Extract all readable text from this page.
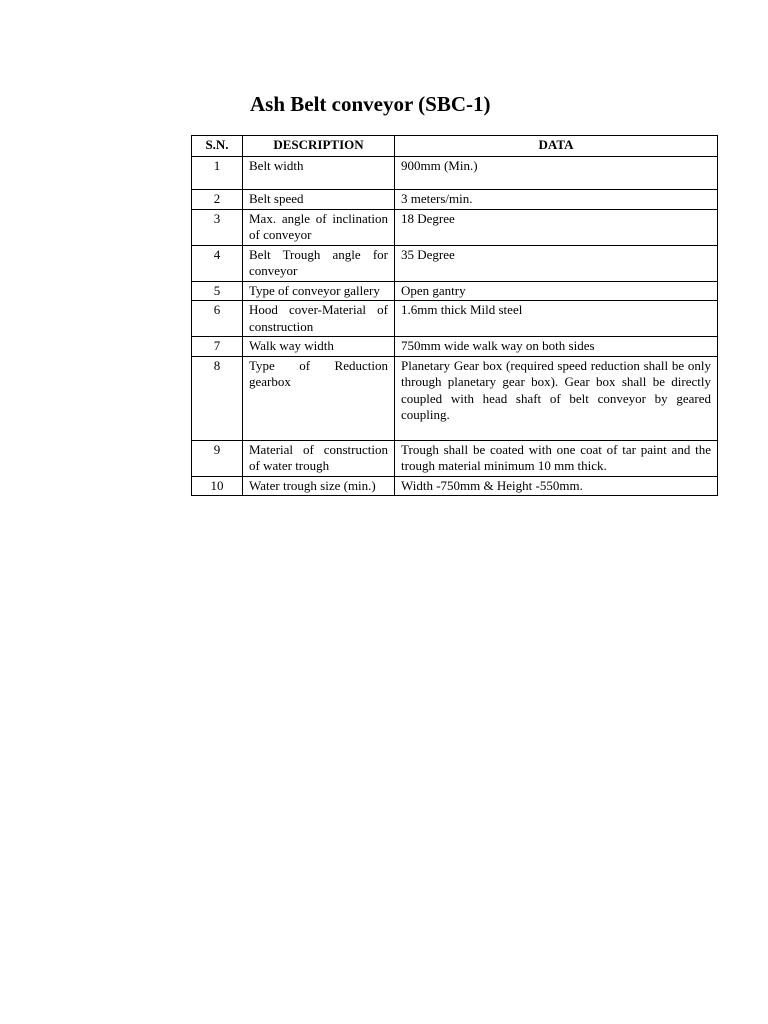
Ash Belt conveyor (SBC-1)
S.N.	DESCRIPTION	DATA
1	Belt width	900mm (Min.)
2	Belt speed	3 meters/min.
3	Max. angle of inclination of conveyor	18 Degree
4	Belt Trough angle for conveyor	35 Degree
5	Type of conveyor gallery	Open gantry
6	Hood cover-Material of construction	1.6mm thick Mild steel
7	Walk way width	750mm wide walk way on both sides
8	Type of Reduction gearbox	Planetary Gear box (required speed reduction shall be only through planetary gear box). Gear box shall be directly coupled with head shaft of belt conveyor by geared coupling.
9	Material of construction of water trough	Trough shall be coated with one coat of tar paint and the trough material minimum 10 mm thick.
10	Water trough size (min.)	Width -750mm & Height -550mm.
